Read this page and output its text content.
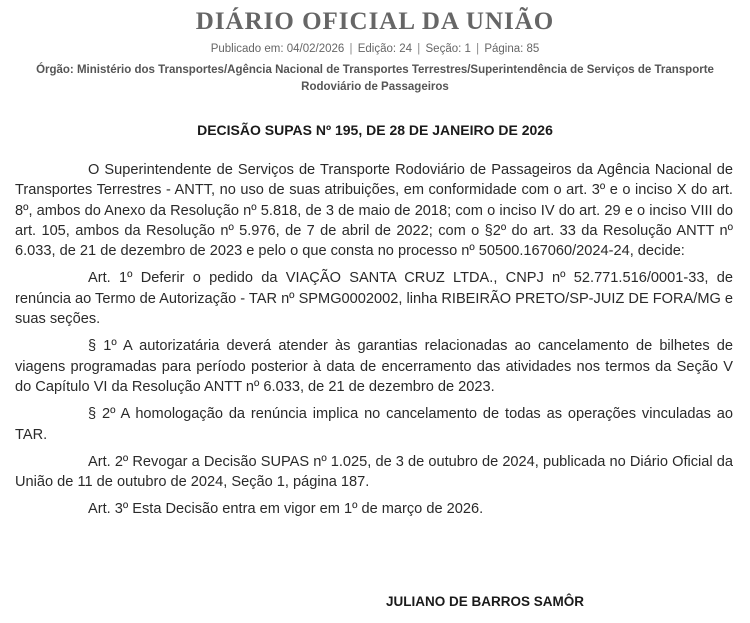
DIÁRIO OFICIAL DA UNIÃO
Publicado em: 04/02/2026 | Edição: 24 | Seção: 1 | Página: 85
Órgão: Ministério dos Transportes/Agência Nacional de Transportes Terrestres/Superintendência de Serviços de Transporte Rodoviário de Passageiros
DECISÃO SUPAS Nº 195, DE 28 DE JANEIRO DE 2026

O Superintendente de Serviços de Transporte Rodoviário de Passageiros da Agência Nacional de Transportes Terrestres - ANTT, no uso de suas atribuições, em conformidade com o art. 3º e o inciso X do art. 8º, ambos do Anexo da Resolução nº 5.818, de 3 de maio de 2018; com o inciso IV do art. 29 e o inciso VIII do art. 105, ambos da Resolução nº 5.976, de 7 de abril de 2022; com o §2º do art. 33 da Resolução ANTT nº 6.033, de 21 de dezembro de 2023 e pelo o que consta no processo nº 50500.167060/2024-24, decide:

Art. 1º Deferir o pedido da VIAÇÃO SANTA CRUZ LTDA., CNPJ nº 52.771.516/0001-33, de renúncia ao Termo de Autorização - TAR nº SPMG0002002, linha RIBEIRÃO PRETO/SP-JUIZ DE FORA/MG e suas seções.

§ 1º A autorizatária deverá atender às garantias relacionadas ao cancelamento de bilhetes de viagens programadas para período posterior à data de encerramento das atividades nos termos da Seção V do Capítulo VI da Resolução ANTT nº 6.033, de 21 de dezembro de 2023.

§ 2º A homologação da renúncia implica no cancelamento de todas as operações vinculadas ao TAR.

Art. 2º Revogar a Decisão SUPAS nº 1.025, de 3 de outubro de 2024, publicada no Diário Oficial da União de 11 de outubro de 2024, Seção 1, página 187.

Art. 3º Esta Decisão entra em vigor em 1º de março de 2026.

JULIANO DE BARROS SAMÔR
